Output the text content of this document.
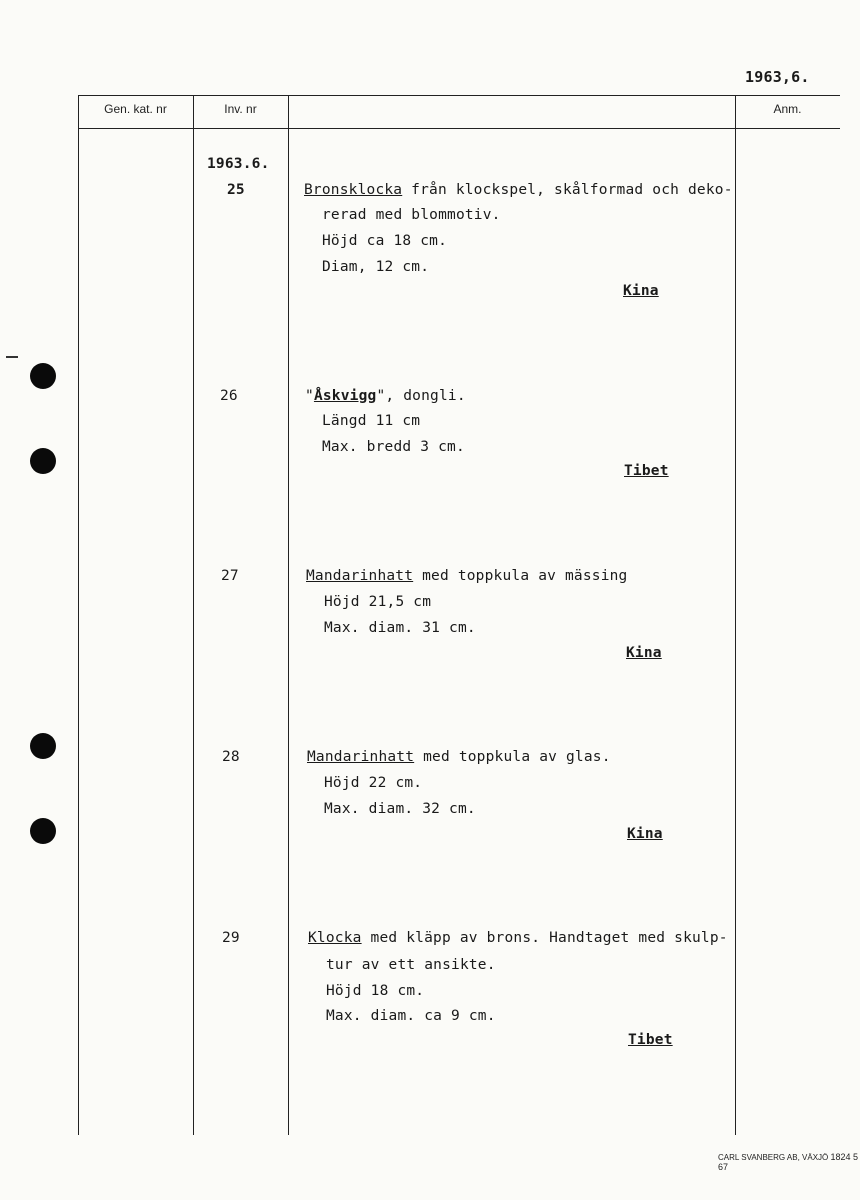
1963,6.
Gen. kat. nr	Inv. nr	Anm.
1963.6.
25	Bronsklocka från klockspel, skålformad och deko-
rerad med blommotiv.
Höjd ca 18 cm.
Diam, 12 cm.
Kina
26	"Åskvigg", dongli.
Längd 11 cm
Max. bredd 3 cm.
Tibet
27	Mandarinhatt med toppkula av mässing
Höjd 21,5 cm
Max. diam. 31 cm.
Kina
28	Mandarinhatt med toppkula av glas.
Höjd 22 cm.
Max. diam. 32 cm.
Kina
29	Klocka med kläpp av brons. Handtaget med skulp-
tur av ett ansikte.
Höjd 18 cm.
Max. diam. ca 9 cm.
Tibet
CARL SVANBERG AB, VÄXJÖ 1824 5 67
